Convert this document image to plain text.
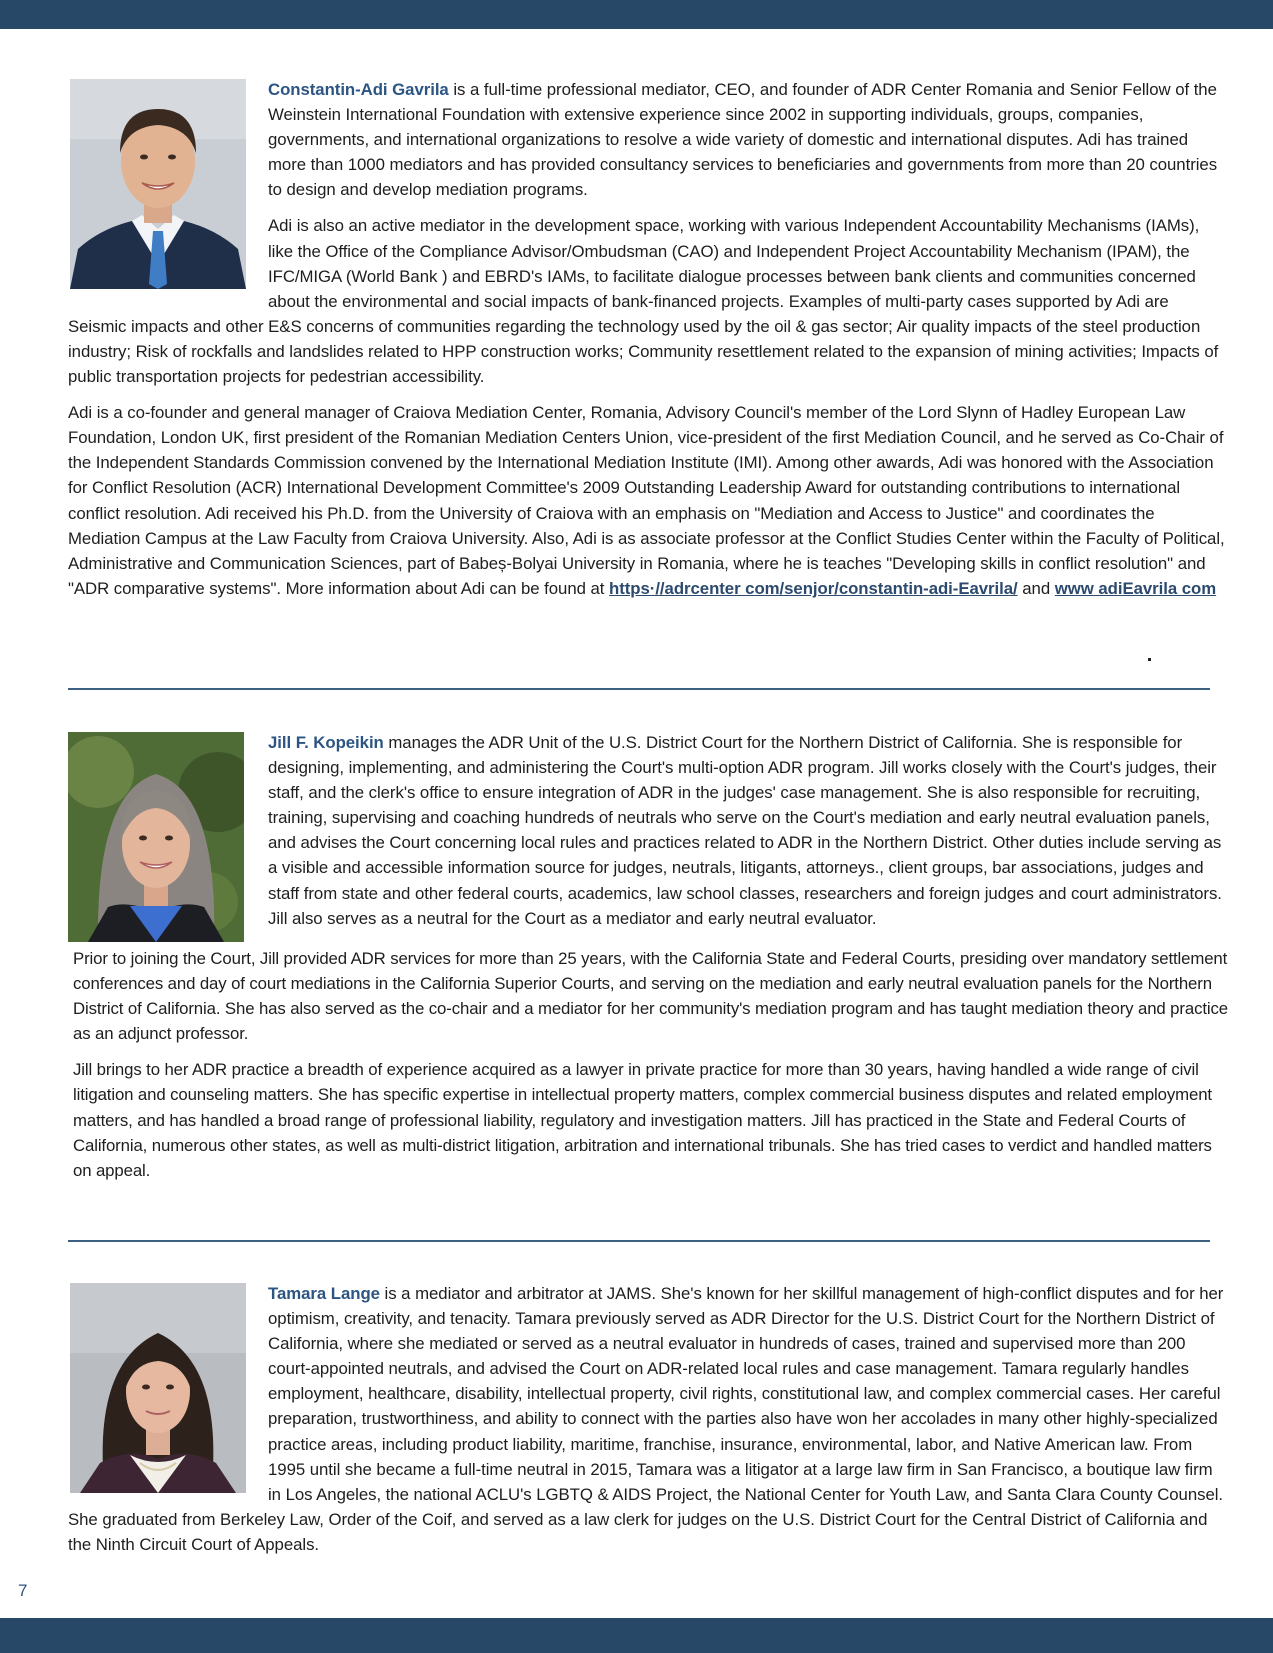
Constantin-Adi Gavrila is a full-time professional mediator, CEO, and founder of ADR Center Romania and Senior Fellow of the Weinstein International Foundation with extensive experience since 2002 in supporting individuals, groups, companies, governments, and international organizations to resolve a wide variety of domestic and international disputes. Adi has trained more than 1000 mediators and has provided consultancy services to beneficiaries and governments from more than 20 countries to design and develop mediation programs.

Adi is also an active mediator in the development space, working with various Independent Accountability Mechanisms (IAMs), like the Office of the Compliance Advisor/Ombudsman (CAO) and Independent Project Accountability Mechanism (IPAM), the IFC/MIGA (World Bank ) and EBRD's IAMs, to facilitate dialogue processes between bank clients and communities concerned about the environmental and social impacts of bank-financed projects. Examples of multi-party cases supported by Adi are Seismic impacts and other E&S concerns of communities regarding the technology used by the oil & gas sector; Air quality impacts of the steel production industry; Risk of rockfalls and landslides related to HPP construction works; Community resettlement related to the expansion of mining activities; Impacts of public transportation projects for pedestrian accessibility.

Adi is a co-founder and general manager of Craiova Mediation Center, Romania, Advisory Council's member of the Lord Slynn of Hadley European Law Foundation, London UK, first president of the Romanian Mediation Centers Union, vice-president of the first Mediation Council, and he served as Co-Chair of the Independent Standards Commission convened by the International Mediation Institute (IMI). Among other awards, Adi was honored with the Association for Conflict Resolution (ACR) International Development Committee's 2009 Outstanding Leadership Award for outstanding contributions to international conflict resolution. Adi received his Ph.D. from the University of Craiova with an emphasis on "Mediation and Access to Justice" and coordinates the Mediation Campus at the Law Faculty from Craiova University. Also, Adi is as associate professor at the Conflict Studies Center within the Faculty of Political, Administrative and Communication Sciences, part of Babeș-Bolyai University in Romania, where he is teaches "Developing skills in conflict resolution" and "ADR comparative systems". More information about Adi can be found at https·//adrcenter com/senjor/constantin-adi-Eavrila/ and www adiEavrila com

Jill F. Kopeikin manages the ADR Unit of the U.S. District Court for the Northern District of California. She is responsible for designing, implementing, and administering the Court's multi-option ADR program. Jill works closely with the Court's judges, their staff, and the clerk's office to ensure integration of ADR in the judges' case management. She is also responsible for recruiting, training, supervising and coaching hundreds of neutrals who serve on the Court's mediation and early neutral evaluation panels, and advises the Court concerning local rules and practices related to ADR in the Northern District. Other duties include serving as a visible and accessible information source for judges, neutrals, litigants, attorneys., client groups, bar associations, judges and staff from state and other federal courts, academics, law school classes, researchers and foreign judges and court administrators. Jill also serves as a neutral for the Court as a mediator and early neutral evaluator.

Prior to joining the Court, Jill provided ADR services for more than 25 years, with the California State and Federal Courts, presiding over mandatory settlement conferences and day of court mediations in the California Superior Courts, and serving on the mediation and early neutral evaluation panels for the Northern District of California. She has also served as the co-chair and a mediator for her community's mediation program and has taught mediation theory and practice as an adjunct professor.

Jill brings to her ADR practice a breadth of experience acquired as a lawyer in private practice for more than 30 years, having handled a wide range of civil litigation and counseling matters. She has specific expertise in intellectual property matters, complex commercial business disputes and related employment matters, and has handled a broad range of professional liability, regulatory and investigation matters. Jill has practiced in the State and Federal Courts of California, numerous other states, as well as multi-district litigation, arbitration and international tribunals. She has tried cases to verdict and handled matters on appeal.

Tamara Lange is a mediator and arbitrator at JAMS. She's known for her skillful management of high-conflict disputes and for her optimism, creativity, and tenacity. Tamara previously served as ADR Director for the U.S. District Court for the Northern District of California, where she mediated or served as a neutral evaluator in hundreds of cases, trained and supervised more than 200 court-appointed neutrals, and advised the Court on ADR-related local rules and case management. Tamara regularly handles employment, healthcare, disability, intellectual property, civil rights, constitutional law, and complex commercial cases. Her careful preparation, trustworthiness, and ability to connect with the parties also have won her accolades in many other highly-specialized practice areas, including product liability, maritime, franchise, insurance, environmental, labor, and Native American law. From 1995 until she became a full-time neutral in 2015, Tamara was a litigator at a large law firm in San Francisco, a boutique law firm in Los Angeles, the national ACLU's LGBTQ & AIDS Project, the National Center for Youth Law, and Santa Clara County Counsel. She graduated from Berkeley Law, Order of the Coif, and served as a law clerk for judges on the U.S. District Court for the Central District of California and the Ninth Circuit Court of Appeals.

7
